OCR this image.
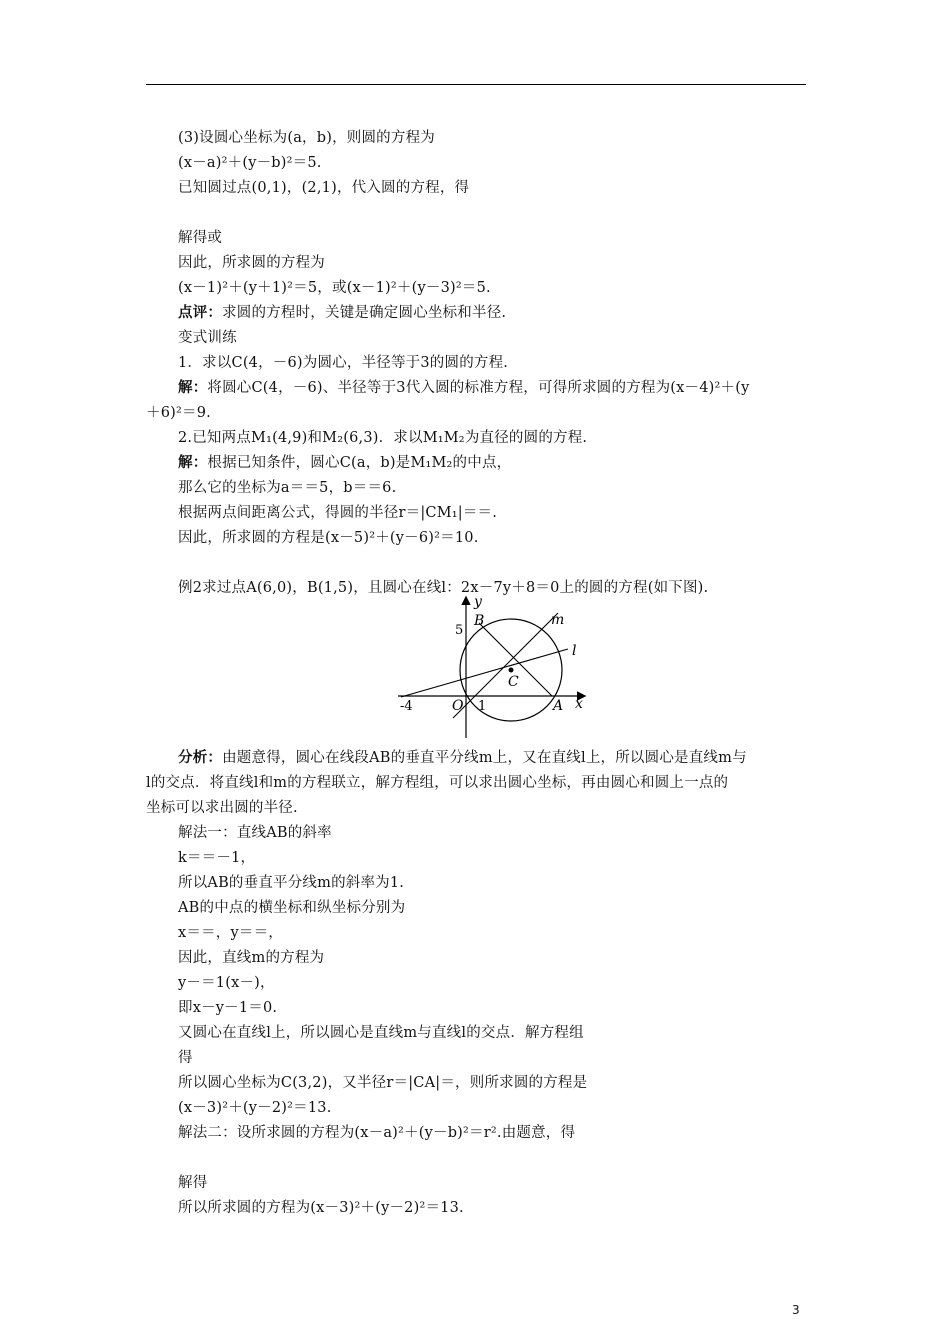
(3)设圆心坐标为(a，b)，则圆的方程为
(x－a)²＋(y－b)²＝5.
已知圆过点(0,1)，(2,1)，代入圆的方程，得
解得或
因此，所求圆的方程为
(x－1)²＋(y＋1)²＝5，或(x－1)²＋(y－3)²＝5.
点评：求圆的方程时，关键是确定圆心坐标和半径.
变式训练
1．求以C(4，－6)为圆心，半径等于3的圆的方程.
解：将圆心C(4，－6)、半径等于3代入圆的标准方程，可得所求圆的方程为(x－4)²＋(y
＋6)²＝9.
2.已知两点M₁(4,9)和M₂(6,3)．求以M₁M₂为直径的圆的方程.
解：根据已知条件，圆心C(a，b)是M₁M₂的中点，
那么它的坐标为a＝＝5，b＝＝6.
根据两点间距离公式，得圆的半径r＝|CM₁|＝＝.
因此，所求圆的方程是(x－5)²＋(y－6)²＝10.
例2求过点A(6,0)，B(1,5)，且圆心在线l：2x－7y＋8＝0上的圆的方程(如下图).
y
x
m
l
B
C
A
O
5
-4	1
分析：由题意得，圆心在线段AB的垂直平分线m上，又在直线l上，所以圆心是直线m与
l的交点．将直线l和m的方程联立，解方程组，可以求出圆心坐标，再由圆心和圆上一点的
坐标可以求出圆的半径.
解法一：直线AB的斜率
k＝＝－1，
所以AB的垂直平分线m的斜率为1.
AB的中点的横坐标和纵坐标分别为
x＝＝，y＝＝，
因此，直线m的方程为
y－＝1(x－)，
即x－y－1＝0.
又圆心在直线l上，所以圆心是直线m与直线l的交点．解方程组
得
所以圆心坐标为C(3,2)，又半径r＝|CA|＝，则所求圆的方程是
(x－3)²＋(y－2)²＝13.
解法二：设所求圆的方程为(x－a)²＋(y－b)²＝r².由题意，得
解得
所以所求圆的方程为(x－3)²＋(y－2)²＝13.
3
